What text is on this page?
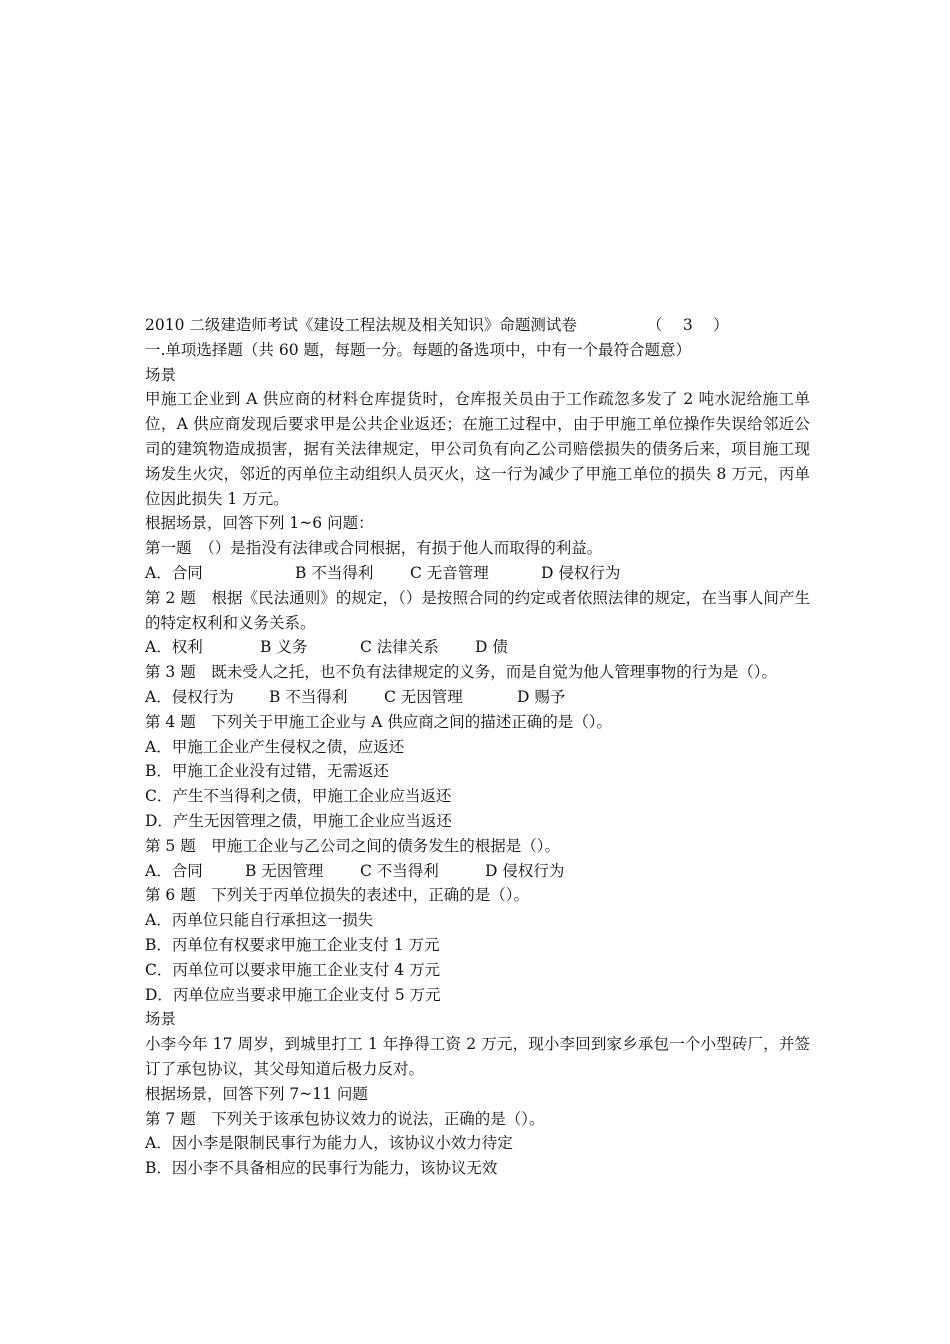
2010 二级建造师考试《建设工程法规及相关知识》命题测试卷	（　 3　 ）
一.单项选择题（共 60 题，每题一分。每题的备选项中，中有一个最符合题意）
场景
甲施工企业到 A 供应商的材料仓库提货时，仓库报关员由于工作疏忽多发了 2 吨水泥给施工单位，A 供应商发现后要求甲是公共企业返还；在施工过程中，由于甲施工单位操作失误给邻近公司的建筑物造成损害，据有关法律规定，甲公司负有向乙公司赔偿损失的债务后来，项目施工现场发生火灾，邻近的丙单位主动组织人员灭火，这一行为减少了甲施工单位的损失 8 万元，丙单位因此损失 1 万元。
根据场景，回答下列 1~6 问题：
第一题　（）是指没有法律或合同根据，有损于他人而取得的利益。
A．合同	B 不当得利 C 无音管理	D 侵权行为
第 2 题　根据《民法通则》的规定，（）是按照合同的约定或者依照法律的规定，在当事人间产生的特定权利和义务关系。
A．权利	B 义务	C 法律关系 D 债
第 3 题　既未受人之托，也不负有法律规定的义务，而是自觉为他人管理事物的行为是（）。
A．侵权行为 B 不当得利 C 无因管理	D 赐予
第 4 题　下列关于甲施工企业与 A 供应商之间的描述正确的是（）。
A．甲施工企业产生侵权之债，应返还
B．甲施工企业没有过错，无需返还
C．产生不当得利之债，甲施工企业应当返还
D．产生无因管理之债，甲施工企业应当返还
第 5 题　甲施工企业与乙公司之间的债务发生的根据是（）。
A．合同	B 无因管理 C 不当得利	D 侵权行为
第 6 题　下列关于丙单位损失的表述中，正确的是（）。
A．丙单位只能自行承担这一损失
B．丙单位有权要求甲施工企业支付 1 万元
C．丙单位可以要求甲施工企业支付 4 万元
D．丙单位应当要求甲施工企业支付 5 万元
场景
小李今年 17 周岁，到城里打工 1 年挣得工资 2 万元，现小李回到家乡承包一个小型砖厂，并签订了承包协议，其父母知道后极力反对。
根据场景，回答下列 7~11 问题
第 7 题　下列关于该承包协议效力的说法，正确的是（）。
A．因小李是限制民事行为能力人，该协议小效力待定
B．因小李不具备相应的民事行为能力，该协议无效
